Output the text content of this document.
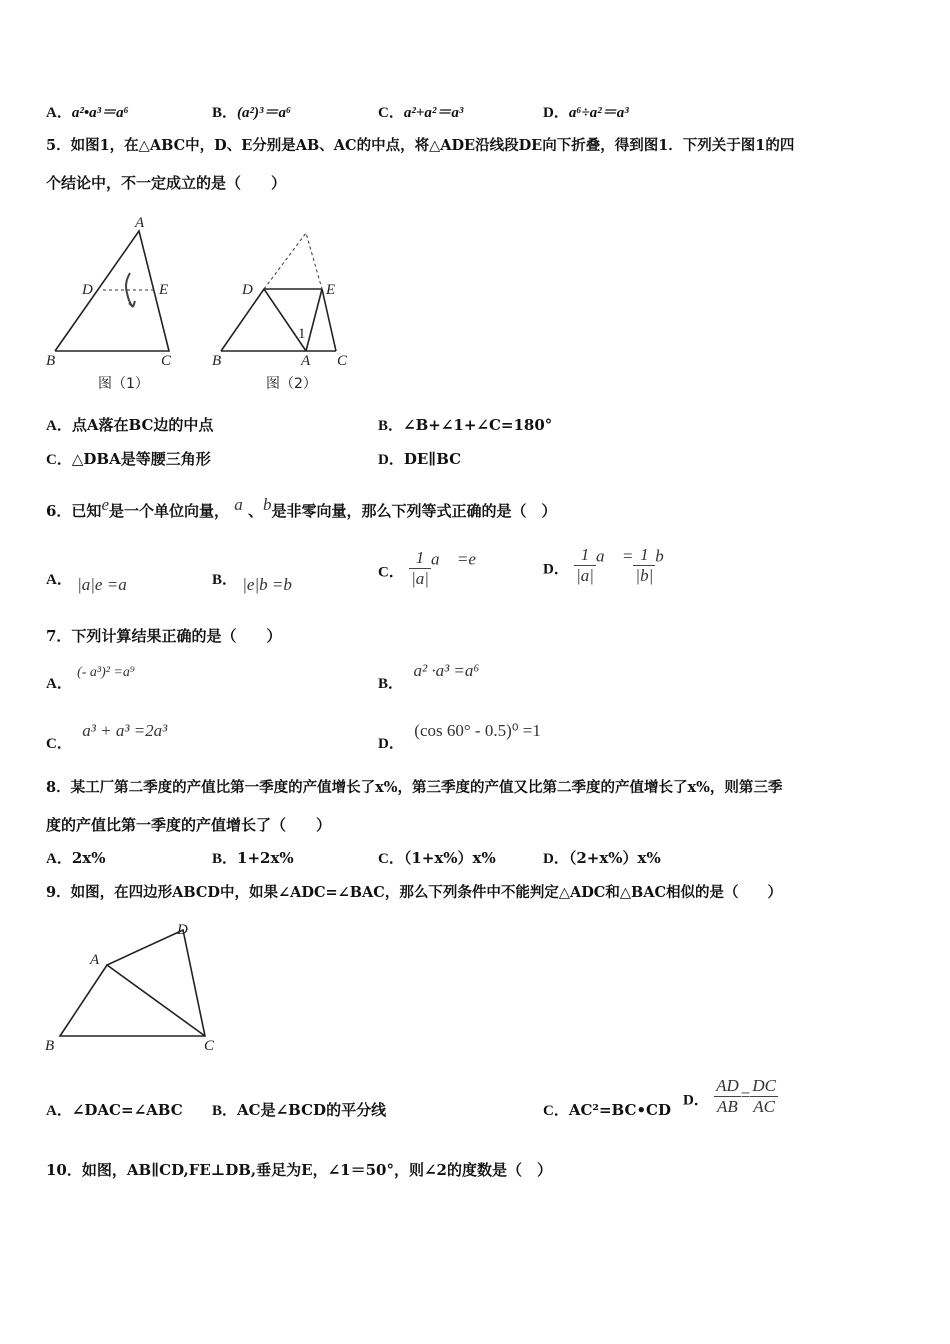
A．a²•a³＝a⁶	B．(a²)³＝a⁶	C．a²+a²＝a³	D．a⁶÷a²＝a³
5．如图1，在△ABC中，D、E分别是AB、AC的中点，将△ADE沿线段DE向下折叠，得到图1．下列关于图1的四
个结论中，不一定成立的是（　　）
A
D	E
B	C
图（1）
D	E
1
B	A C
图（2）
A．点A落在BC边的中点	B．∠B+∠1+∠C=180°
C．△DBA是等腰三角形	D．DE∥BC
6．已知e是一个单位向量， a 、b是非零向量，那么下列等式正确的是（　）
A． |a|e =a	B． |e|b =b
C． $\frac{1}{|a|}$ a⃗ =e⃗
D． $\frac{1}{|a|}$ a⃗ = $\frac{1}{|b|}$ b⃗
7．下列计算结果正确的是（　　）
A． (- a³)² =a⁹
B．  a² ·a³ =a⁶
C．  a³ + a³ =2a³
D．  (cos 60° - 0.5)⁰ =1
8．某工厂第二季度的产值比第一季度的产值增长了x%，第三季度的产值又比第二季度的产值增长了x%，则第三季
度的产值比第一季度的产值增长了（　　）
A．2x%	B．1+2x%	C．（1+x%）x%	D．（2+x%）x%
9．如图，在四边形ABCD中，如果∠ADC=∠BAC，那么下列条件中不能判定△ADC和△BAC相似的是（　　）
D
A
B	C
A．∠DAC=∠ABC B．AC是∠BCD的平分线	C．AC²=BC•CD
D． $\frac{AD}{AB} = \frac{DC}{AC}$
10．如图，AB∥CD,FE⊥DB,垂足为E，∠1＝50°，则∠2的度数是（　）
